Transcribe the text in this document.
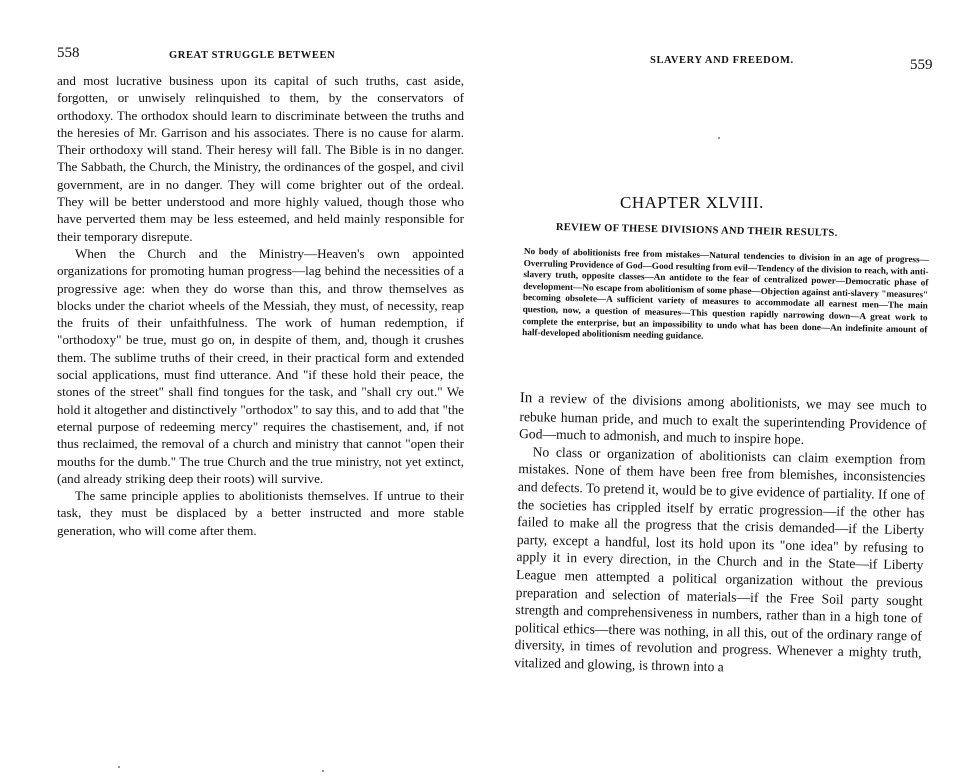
558	GREAT STRUGGLE BETWEEN

and most lucrative business upon its capital of such truths, cast aside, forgotten, or unwisely relinquished to them, by the conservators of orthodoxy. The orthodox should learn to discriminate between the truths and the heresies of Mr. Garrison and his associates. There is no cause for alarm. Their orthodoxy will stand. Their heresy will fall. The Bible is in no danger. The Sabbath, the Church, the Ministry, the ordinances of the gospel, and civil government, are in no danger. They will come brighter out of the ordeal. They will be better understood and more highly valued, though those who have perverted them may be less esteemed, and held mainly responsible for their temporary disrepute.

When the Church and the Ministry—Heaven's own appointed organizations for promoting human progress—lag behind the necessities of a progressive age: when they do worse than this, and throw themselves as blocks under the chariot wheels of the Messiah, they must, of necessity, reap the fruits of their unfaithfulness. The work of human redemption, if "orthodoxy" be true, must go on, in despite of them, and, though it crushes them. The sublime truths of their creed, in their practical form and extended social applications, must find utterance. And "if these hold their peace, the stones of the street" shall find tongues for the task, and "shall cry out." We hold it altogether and distinctively "orthodox" to say this, and to add that "the eternal purpose of redeeming mercy" requires the chastisement, and, if not thus reclaimed, the removal of a church and ministry that cannot "open their mouths for the dumb." The true Church and the true ministry, not yet extinct, (and already striking deep their roots) will survive.

The same principle applies to abolitionists themselves. If untrue to their task, they must be displaced by a better instructed and more stable generation, who will come after them.

SLAVERY AND FREEDOM.	559
CHAPTER XLVIII.
REVIEW OF THESE DIVISIONS AND THEIR RESULTS.
No body of abolitionists free from mistakes—Natural tendencies to division in an age of progress—Overruling Providence of God—Good resulting from evil—Tendency of the division to reach, with anti-slavery truth, opposite classes—An antidote to the fear of centralized power—Democratic phase of development—No escape from abolitionism of some phase—Objection against anti-slavery "measures" becoming obsolete—A sufficient variety of measures to accommodate all earnest men—The main question, now, a question of measures—This question rapidly narrowing down—A great work to complete the enterprise, but an impossibility to undo what has been done—An indefinite amount of half-developed abolitionism needing guidance.

In a review of the divisions among abolitionists, we may see much to rebuke human pride, and much to exalt the superintending Providence of God—much to admonish, and much to inspire hope.

No class or organization of abolitionists can claim exemption from mistakes. None of them have been free from blemishes, inconsistencies and defects. To pretend it, would be to give evidence of partiality. If one of the societies has crippled itself by erratic progression—if the other has failed to make all the progress that the crisis demanded—if the Liberty party, except a handful, lost its hold upon its "one idea" by refusing to apply it in every direction, in the Church and in the State—if Liberty League men attempted a political organization without the previous preparation and selection of materials—if the Free Soil party sought strength and comprehensiveness in numbers, rather than in a high tone of political ethics—there was nothing, in all this, out of the ordinary range of diversity, in times of revolution and progress. Whenever a mighty truth, vitalized and glowing, is thrown into a
